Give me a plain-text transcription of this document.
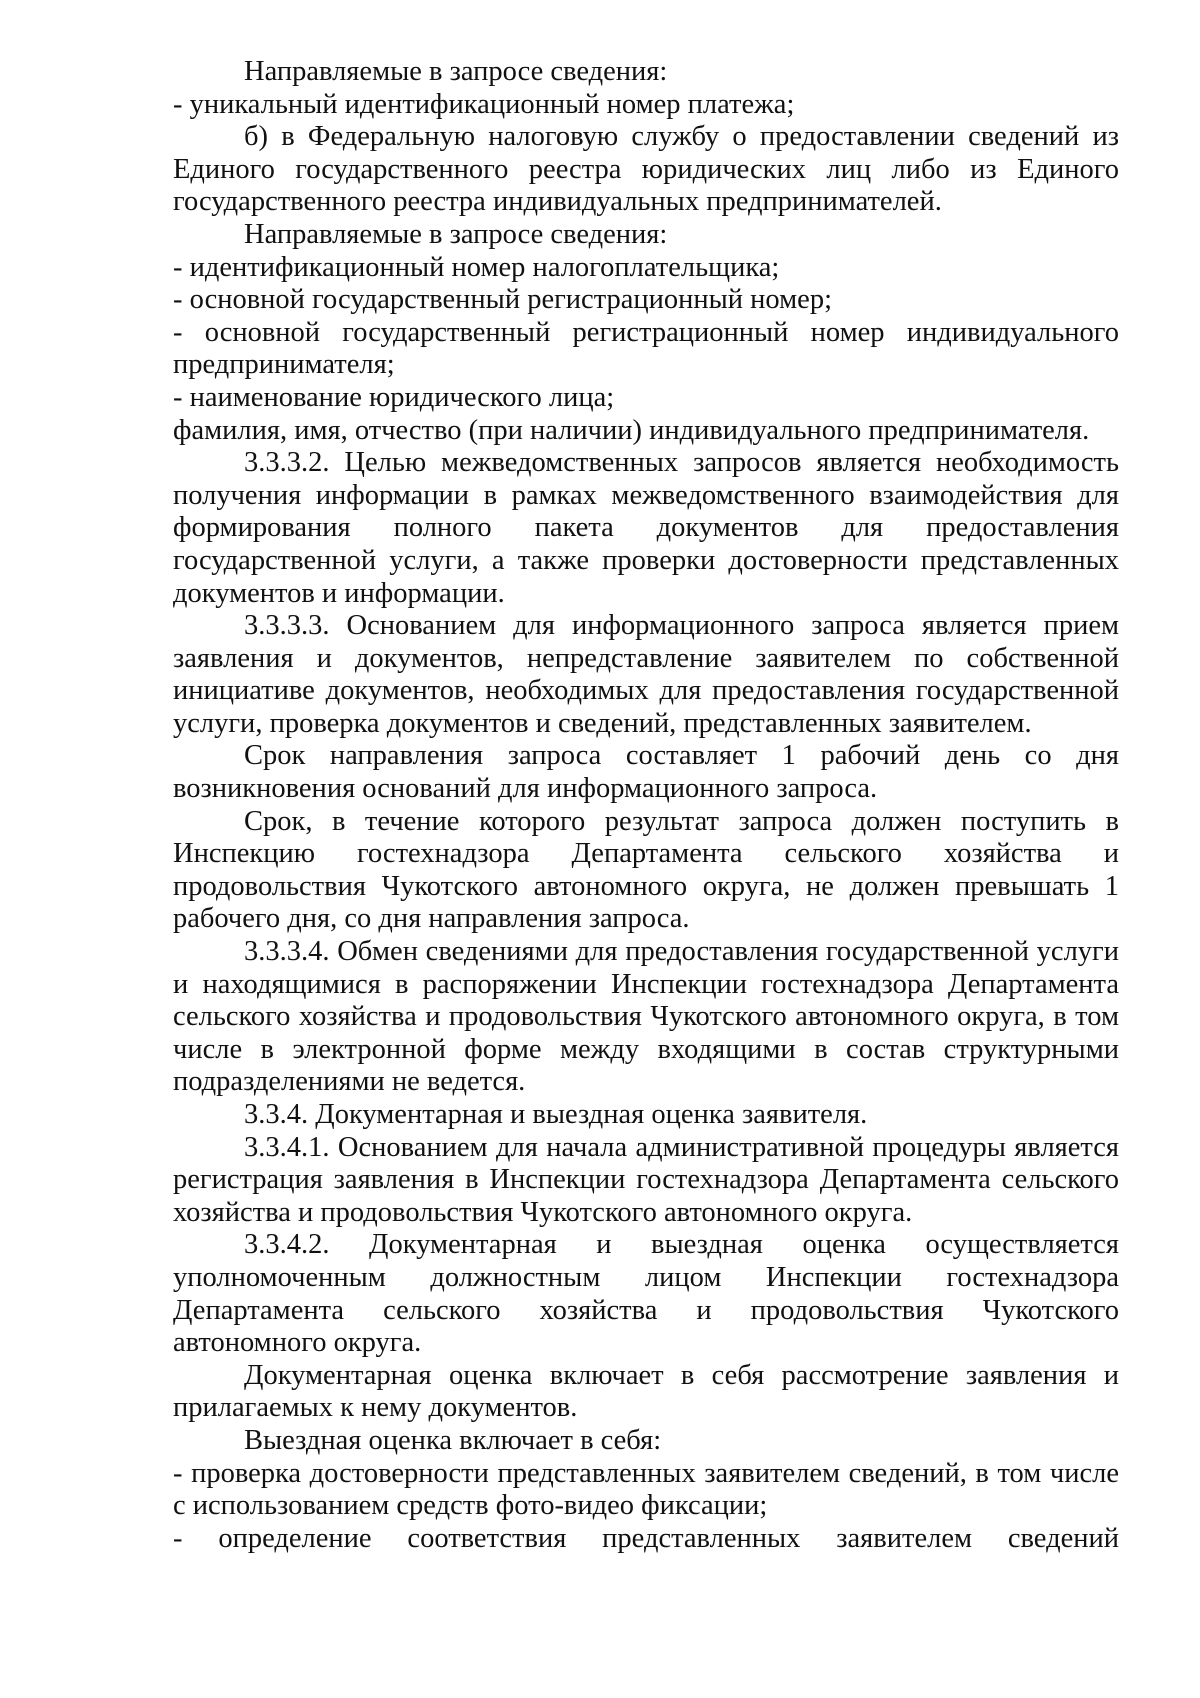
Направляемые в запросе сведения:

- уникальный идентификационный номер платежа;

б) в Федеральную налоговую службу о предоставлении сведений из Единого государственного реестра юридических лиц либо из Единого государственного реестра индивидуальных предпринимателей.

Направляемые в запросе сведения:

- идентификационный номер налогоплательщика;

- основной государственный регистрационный номер;

- основной государственный регистрационный номер индивидуального предпринимателя;

- наименование юридического лица;

фамилия, имя, отчество (при наличии) индивидуального предпринимателя.

3.3.3.2. Целью межведомственных запросов является необходимость получения информации в рамках межведомственного взаимодействия для формирования полного пакета документов для предоставления государственной услуги, а также проверки достоверности представленных документов и информации.

3.3.3.3. Основанием для информационного запроса является прием заявления и документов, непредставление заявителем по собственной инициативе документов, необходимых для предоставления государственной услуги, проверка документов и сведений, представленных заявителем.

Срок направления запроса составляет 1 рабочий день со дня возникновения оснований для информационного запроса.

Срок, в течение которого результат запроса должен поступить в Инспекцию гостехнадзора Департамента сельского хозяйства и продовольствия Чукотского автономного округа, не должен превышать 1 рабочего дня, со дня направления запроса.

3.3.3.4. Обмен сведениями для предоставления государственной услуги и находящимися в распоряжении Инспекции гостехнадзора Департамента сельского хозяйства и продовольствия Чукотского автономного округа, в том числе в электронной форме между входящими в состав структурными подразделениями не ведется.

3.3.4. Документарная и выездная оценка заявителя.

3.3.4.1. Основанием для начала административной процедуры является регистрация заявления в Инспекции гостехнадзора Департамента сельского хозяйства и продовольствия Чукотского автономного округа.

3.3.4.2. Документарная и выездная оценка осуществляется уполномоченным должностным лицом Инспекции гостехнадзора Департамента сельского хозяйства и продовольствия Чукотского автономного округа.

Документарная оценка включает в себя рассмотрение заявления и прилагаемых к нему документов.

Выездная оценка включает в себя:

- проверка достоверности представленных заявителем сведений, в том числе с использованием средств фото-видео фиксации;

- определение соответствия представленных заявителем сведений
